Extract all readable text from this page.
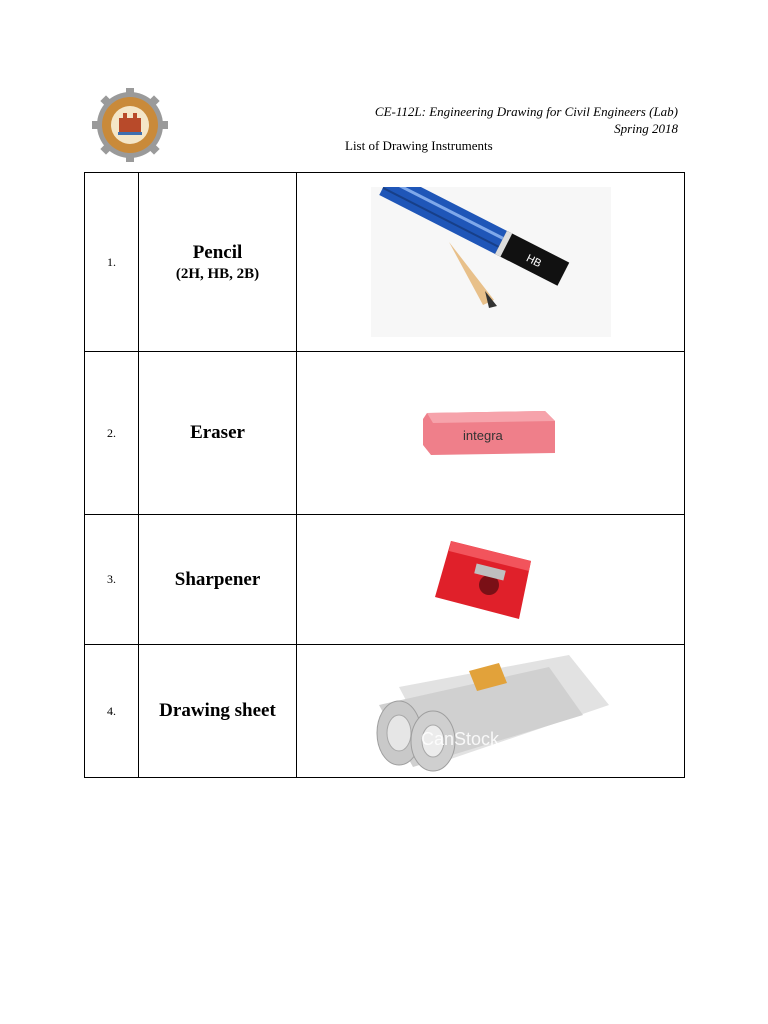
CE-112L: Engineering Drawing for Civil Engineers (Lab)
Spring 2018
List of Drawing Instruments
1.	Pencil
(2H, HB, 2B)	HB

2.	Eraser	integra

3.	Sharpener

4.	Drawing sheet	CanStock
